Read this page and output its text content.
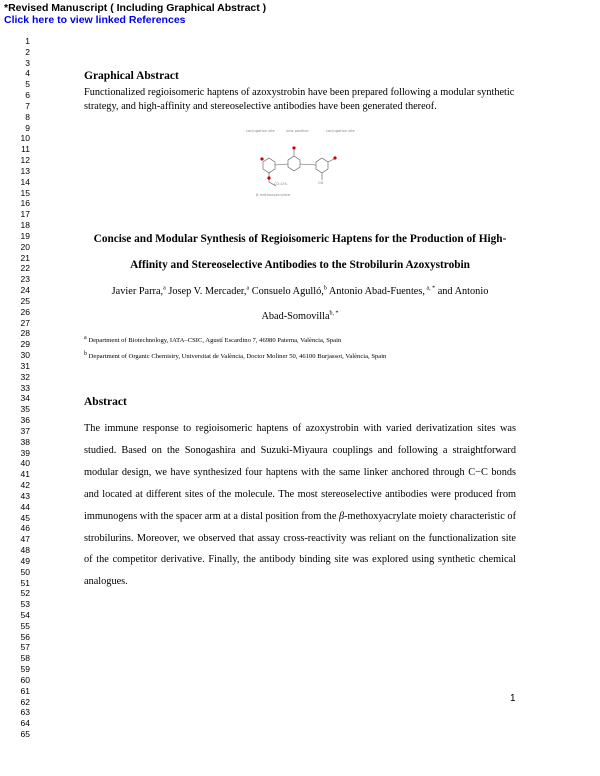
*Revised Manuscript ( Including Graphical Abstract )
Click here to view linked References
1
2
3
4
5
6
7
8
9
10
11
12
13
14
15
16
17
18
19
20
21
22
23
24
25
26
27
28
29
30
31
32
33
34
35
36
37
38
39
40
41
42
43
44
45
46
47
48
49
50
51
52
53
54
55
56
57
58
59
60
61
62
63
64
65
Graphical Abstract
Functionalized regioisomeric haptens of azoxystrobin have been prepared following a modular synthetic strategy, and high-affinity and stereoselective antibodies have been generated thereof.
conjugation site	new position	conjugation site
β-methoxyacrylate
CO₂CH₃	CN
Concise and Modular Synthesis of Regioisomeric Haptens for the Production of High-
Affinity and Stereoselective Antibodies to the Strobilurin Azoxystrobin
Javier Parra,$^a$ Josep V. Mercader,$^a$ Consuelo Agulló,$^b$ Antonio Abad-Fuentes, $^{a, *}$ and Antonio
Abad-Somovilla$^{b, *}$
$^a$ Department of Biotechnology, IATA–CSIC, Agustí Escardino 7, 46980 Paterna, València, Spain
$^b$ Department of Organic Chemistry, Universitat de València, Doctor Moliner 50, 46100 Burjassot, València, Spain
Abstract
The immune response to regioisomeric haptens of azoxystrobin with varied derivatization sites was studied. Based on the Sonogashira and Suzuki-Miyaura couplings and following a straightforward modular design, we have synthesized four haptens with the same linker anchored through C−C bonds and located at different sites of the molecule. The most stereoselective antibodies were produced from immunogens with the spacer arm at a distal position from the β-methoxyacrylate moiety characteristic of strobilurins. Moreover, we observed that assay cross-reactivity was reliant on the functionalization site of the competitor derivative. Finally, the antibody binding site was explored using synthetic chemical analogues.
1
